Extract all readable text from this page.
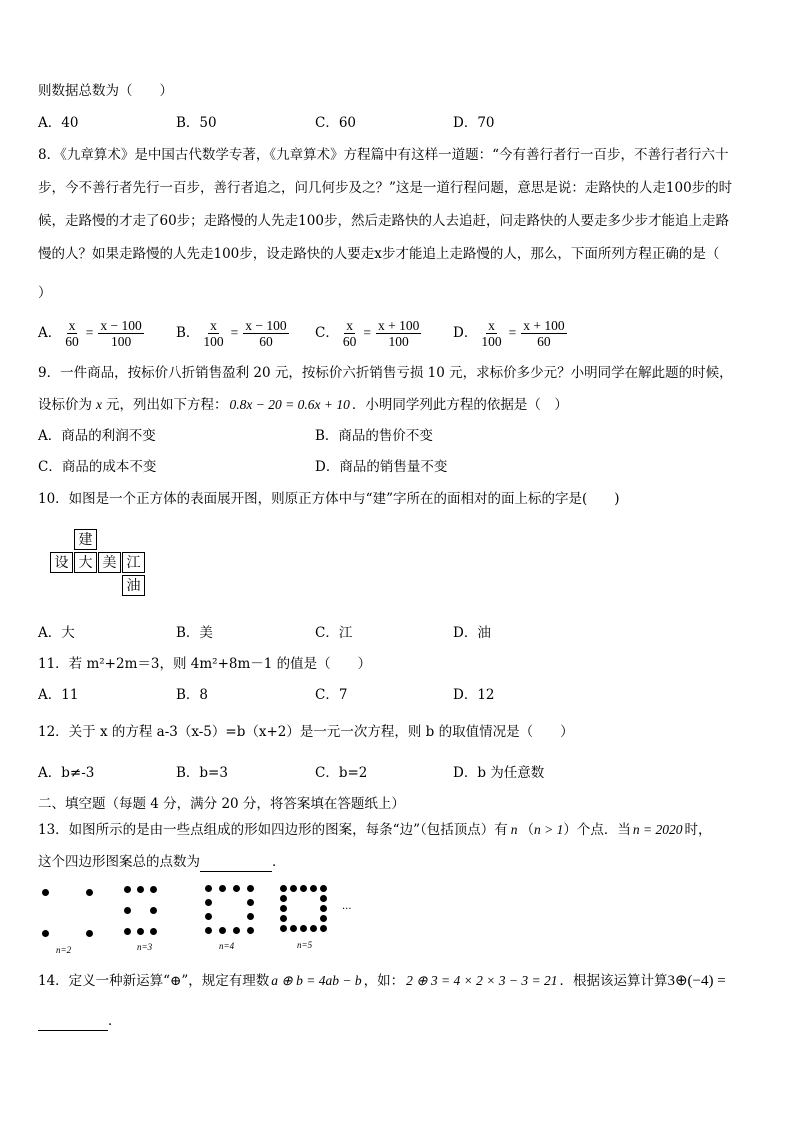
则数据总数为（　　）
A．40	B．50	C．60	D．70
8．《九章算术》是中国古代数学专著，《九章算术》方程篇中有这样一道题：“今有善行者行一百步，不善行者行六十
步，今不善行者先行一百步，善行者追之，问几何步及之？”这是一道行程问题，意思是说：走路快的人走100步的时
候，走路慢的才走了60步；走路慢的人先走100步，然后走路快的人去追赶，问走路快的人要走多少步才能追上走路
慢的人？如果走路慢的人先走100步，设走路快的人要走x步才能追上走路慢的人，那么，下面所列方程正确的是（
）
A． $\frac{x}{60} = \frac{x - 100}{100}$ B． $\frac{x}{100} = \frac{x - 100}{60}$ C． $\frac{x}{60} = \frac{x + 100}{100}$ D． $\frac{x}{100} = \frac{x + 100}{60}$
9．一件商品，按标价八折销售盈利 20 元，按标价六折销售亏损 10 元，求标价多少元？小明同学在解此题的时候，
设标价为 x 元，列出如下方程： 0.8x − 20 = 0.6x + 10 ．小明同学列此方程的依据是（　）
A．商品的利润不变	B．商品的售价不变
C．商品的成本不变	D．商品的销售量不变
10．如图是一个正方体的表面展开图，则原正方体中与“建”字所在的面相对的面上标的字是(　　)
建
设 大 美 江
油
A．大	B．美	C．江	D．油
11．若 m²+2m＝3，则 4m²+8m－1 的值是（　　）
A．11	B．8	C．7	D．12
12．关于 x 的方程 a-3（x-5）=b（x+2）是一元一次方程，则 b 的取值情况是（　　）
A．b≠-3	B．b=3	C．b=2	D．b 为任意数
二、填空题（每题 4 分，满分 20 分，将答案填在答题纸上）
13．如图所示的是由一些点组成的形如四边形的图案，每条“边”（包括顶点）有 n （n > 1）个点．当 n = 2020 时，
这个四边形图案总的点数为	．
···
n=2	n=3	n=4	n=5
14．定义一种新运算“⊕”，规定有理数 a ⊕ b = 4ab − b ，如： 2 ⊕ 3 = 4 × 2 × 3 − 3 = 21 ．根据该运算计算3⊕(−4) =
．
